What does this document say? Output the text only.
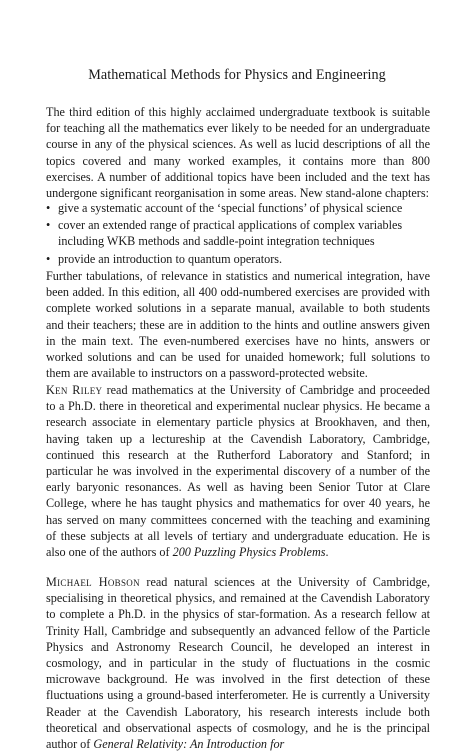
Mathematical Methods for Physics and Engineering

The third edition of this highly acclaimed undergraduate textbook is suitable for teaching all the mathematics ever likely to be needed for an undergraduate course in any of the physical sciences. As well as lucid descriptions of all the topics covered and many worked examples, it contains more than 800 exercises. A number of additional topics have been included and the text has undergone significant reorganisation in some areas. New stand-alone chapters:

• give a systematic account of the ‘special functions’ of physical science
• cover an extended range of practical applications of complex variables including WKB methods and saddle-point integration techniques
• provide an introduction to quantum operators.

Further tabulations, of relevance in statistics and numerical integration, have been added. In this edition, all 400 odd-numbered exercises are provided with complete worked solutions in a separate manual, available to both students and their teachers; these are in addition to the hints and outline answers given in the main text. The even-numbered exercises have no hints, answers or worked solutions and can be used for unaided homework; full solutions to them are available to instructors on a password-protected website.

Ken Riley read mathematics at the University of Cambridge and proceeded to a Ph.D. there in theoretical and experimental nuclear physics. He became a research associate in elementary particle physics at Brookhaven, and then, having taken up a lectureship at the Cavendish Laboratory, Cambridge, continued this research at the Rutherford Laboratory and Stanford; in particular he was involved in the experimental discovery of a number of the early baryonic resonances. As well as having been Senior Tutor at Clare College, where he has taught physics and mathematics for over 40 years, he has served on many committees concerned with the teaching and examining of these subjects at all levels of tertiary and undergraduate education. He is also one of the authors of 200 Puzzling Physics Problems.

Michael Hobson read natural sciences at the University of Cambridge, specialising in theoretical physics, and remained at the Cavendish Laboratory to complete a Ph.D. in the physics of star-formation. As a research fellow at Trinity Hall, Cambridge and subsequently an advanced fellow of the Particle Physics and Astronomy Research Council, he developed an interest in cosmology, and in particular in the study of fluctuations in the cosmic microwave background. He was involved in the first detection of these fluctuations using a ground-based interferometer. He is currently a University Reader at the Cavendish Laboratory, his research interests include both theoretical and observational aspects of cosmology, and he is the principal author of General Relativity: An Introduction for
